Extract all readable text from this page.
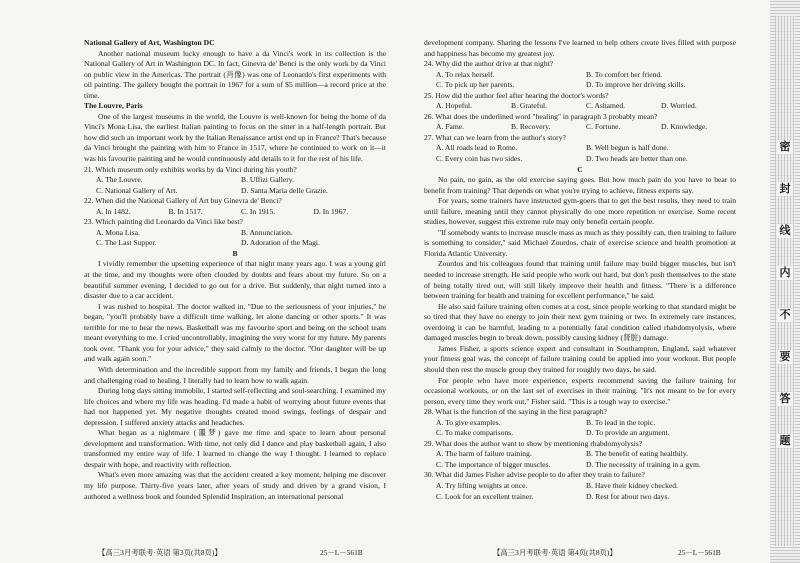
National Gallery of Art, Washington DC

Another national museum lucky enough to have a da Vinci's work in its collection is the National Gallery of Art in Washington DC. In fact, Ginevra de' Benci is the only work by da Vinci on public view in the Americas. The portrait (肖像) was one of Leonardo's first experiments with oil painting. The gallery bought the portrait in 1967 for a sum of $5 million—a record price at the time.

The Louvre, Paris

One of the largest museums in the world, the Louvre is well-known for being the home of da Vinci's Mona Lisa, the earliest Italian painting to focus on the sitter in a half-length portrait. But how did such an important work by the Italian Renaissance artist end up in France? That's because da Vinci brought the painting with him to France in 1517, where he continued to work on it—it was his favourite painting and he would continuously add details to it for the rest of his life.

21. Which museum only exhibits works by da Vinci during his youth?

A. The Louvre.	B. Uffizi Gallery.
C. National Gallery of Art.	D. Santa Maria delle Grazie.

22. When did the National Gallery of Art buy Ginevra de' Benci?

A. In 1482.	B. In 1517.	C. In 1915.	D. In 1967.

23. Which painting did Leonardo da Vinci like best?

A. Mona Lisa.	B. Annunciation.
C. The Last Supper.	D. Adoration of the Magi.

B

I vividly remember the upsetting experience of that night many years ago. I was a young girl at the time, and my thoughts were often clouded by doubts and fears about my future. So on a beautiful summer evening, I decided to go out for a drive. But suddenly, that night turned into a disaster due to a car accident.

I was rushed to hospital. The doctor walked in, "Due to the seriousness of your injuries," he began, "you'll probably have a difficult time walking, let alone dancing or other sports." It was terrible for me to hear the news. Basketball was my favourite sport and being on the school team meant everything to me. I cried uncontrollably, imagining the very worst for my future. My parents took over. "Thank you for your advice," they said calmly to the doctor. "Our daughter will be up and walk again soon."

With determination and the incredible support from my family and friends, I began the long and challenging road to healing. I literally had to learn how to walk again.

During long days sitting immobile, I started self-reflecting and soul-searching. I examined my life choices and where my life was heading. I'd made a habit of worrying about future events that had not happened yet. My negative thoughts created mood swings, feelings of despair and depression. I suffered anxiety attacks and headaches.

What began as a nightmare (噩梦) gave me time and space to learn about personal development and transformation. With time, not only did I dance and play basketball again, I also transformed my entire way of life. I learned to change the way I thought. I learned to replace despair with hope, and reactivity with reflection.

What's even more amazing was that the accident created a key moment, helping me discover my life purpose. Thirty-five years later, after years of study and driven by a grand vision, I authored a wellness book and founded Splendid Inspiration, an international personal

development company. Sharing the lessons I've learned to help others create lives filled with purpose and happiness has become my greatest joy.

24. Why did the author drive at that night?

A. To relax herself.	B. To comfort her friend.
C. To pick up her parents.	D. To improve her driving skills.

25. How did the author feel after hearing the doctor's words?

A. Hopeful.	B. Grateful.	C. Ashamed.	D. Worried.

26. What does the underlined word "healing" in paragraph 3 probably mean?

A. Fame.	B. Recovery.	C. Fortune.	D. Knowledge.

27. What can we learn from the author's story?

A. All roads lead to Rome.	B. Well begun is half done.
C. Every coin has two sides.	D. Two heads are better than one.

C

No pain, no gain, as the old exercise saying goes. But how much pain do you have to bear to benefit from training? That depends on what you're trying to achieve, fitness experts say.

For years, some trainers have instructed gym-goers that to get the best results, they need to train until failure, meaning until they cannot physically do one more repetition or exercise. Some recent studies, however, suggest this extreme rule may only benefit certain people.

"If somebody wants to increase muscle mass as much as they possibly can, then training to failure is something to consider," said Michael Zourdos, chair of exercise science and health promotion at Florida Atlantic University.

Zourdos and his colleagues found that training until failure may build bigger muscles, but isn't needed to increase strength. He said people who work out hard, but don't push themselves to the state of being totally tired out, will still likely improve their health and fitness. "There is a difference between training for health and training for excellent performance," he said.

He also said failure training often comes at a cost, since people working to that standard might be so tired that they have no energy to join their next gym training or two. In extremely rare instances, overdoing it can be harmful, leading to a potentially fatal condition called rhabdomyolysis, where damaged muscles begin to break down, possibly causing kidney (肾脏) damage.

James Fisher, a sports science expert and consultant in Southampton, England, said whatever your fitness goal was, the concept of failure training could be applied into your workout. But people should then rest the muscle group they trained for roughly two days, he said.

For people who have more experience, experts recommend saving the failure training for occasional workouts, or on the last set of exercises in their training. "It's not meant to be for every person, every time they work out," Fisher said. "This is a tough way to exercise."

28. What is the function of the saying in the first paragraph?

A. To give examples.	B. To lead in the topic.
C. To make comparisons.	D. To provide an argument.

29. What does the author want to show by mentioning rhabdomyolysis?

A. The harm of failure training.	B. The benefit of eating healthily.
C. The importance of bigger muscles.	D. The necessity of training in a gym.

30. What did James Fisher advise people to do after they train to failure?

A. Try lifting weights at once.	B. Have their kidney checked.
C. Look for an excellent trainer.	D. Rest for about two days.
【高三3月考联考·英语 第3页(共8页)】	25－L－561B	【高三3月考联考·英语 第4页(共8页)】	25－L－561B
密
封
线
内
不
要
答
题
